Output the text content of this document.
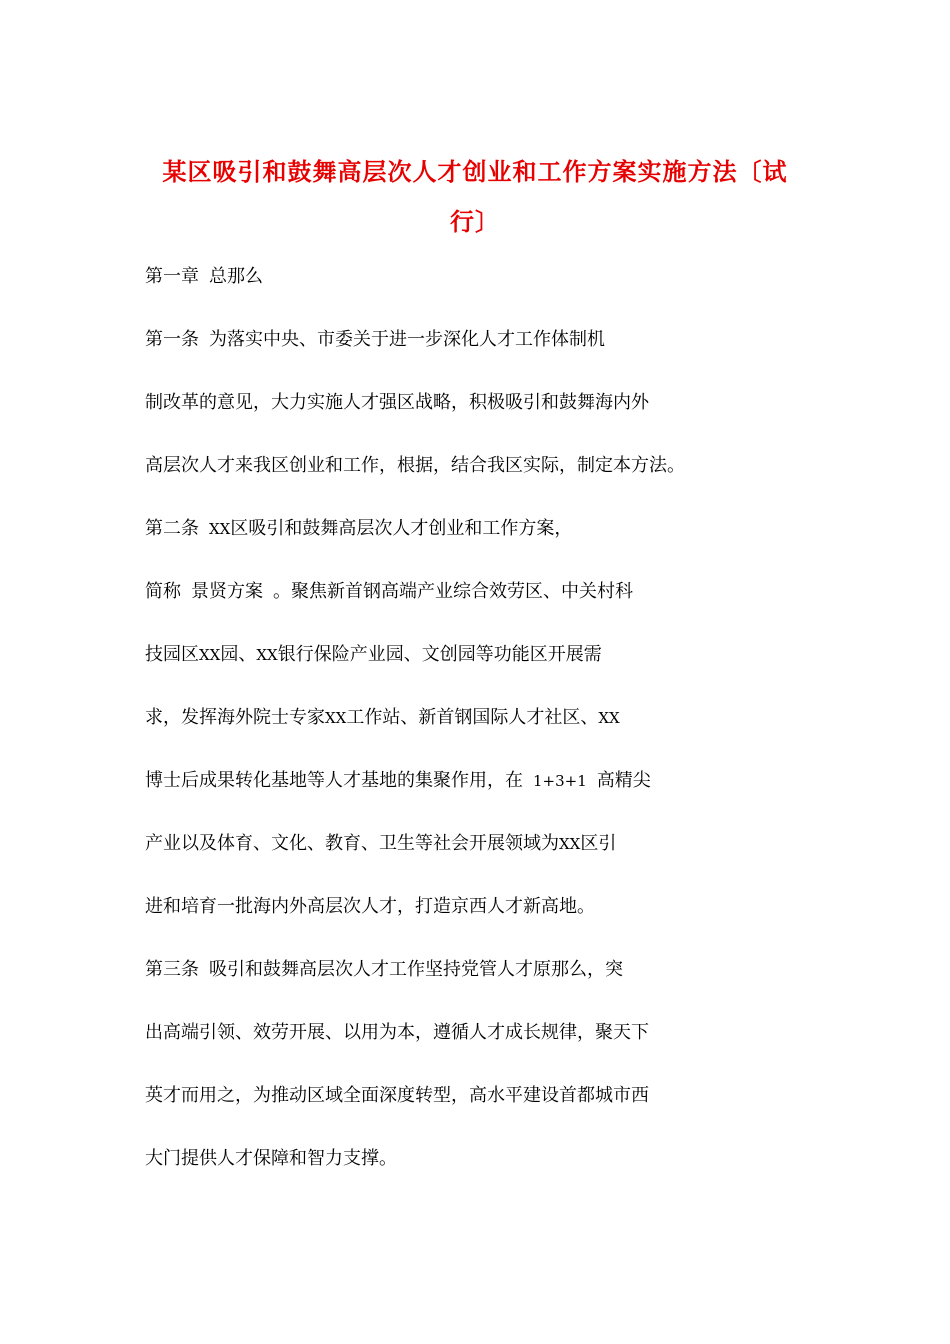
某区吸引和鼓舞高层次人才创业和工作方案实施方法〔试
行〕
第一章 总那么
第一条 为落实中央、市委关于进一步深化人才工作体制机
制改革的意见，大力实施人才强区战略，积极吸引和鼓舞海内外
高层次人才来我区创业和工作，根据，结合我区实际，制定本方法。
第二条 XX区吸引和鼓舞高层次人才创业和工作方案，
简称 景贤方案 。聚焦新首钢高端产业综合效劳区、中关村科
技园区XX园、XX银行保险产业园、文创园等功能区开展需
求，发挥海外院士专家XX工作站、新首钢国际人才社区、XX
博士后成果转化基地等人才基地的集聚作用，在 1+3+1 高精尖
产业以及体育、文化、教育、卫生等社会开展领域为XX区引
进和培育一批海内外高层次人才，打造京西人才新高地。
第三条 吸引和鼓舞高层次人才工作坚持党管人才原那么，突
出高端引领、效劳开展、以用为本，遵循人才成长规律，聚天下
英才而用之，为推动区域全面深度转型，高水平建设首都城市西
大门提供人才保障和智力支撑。
